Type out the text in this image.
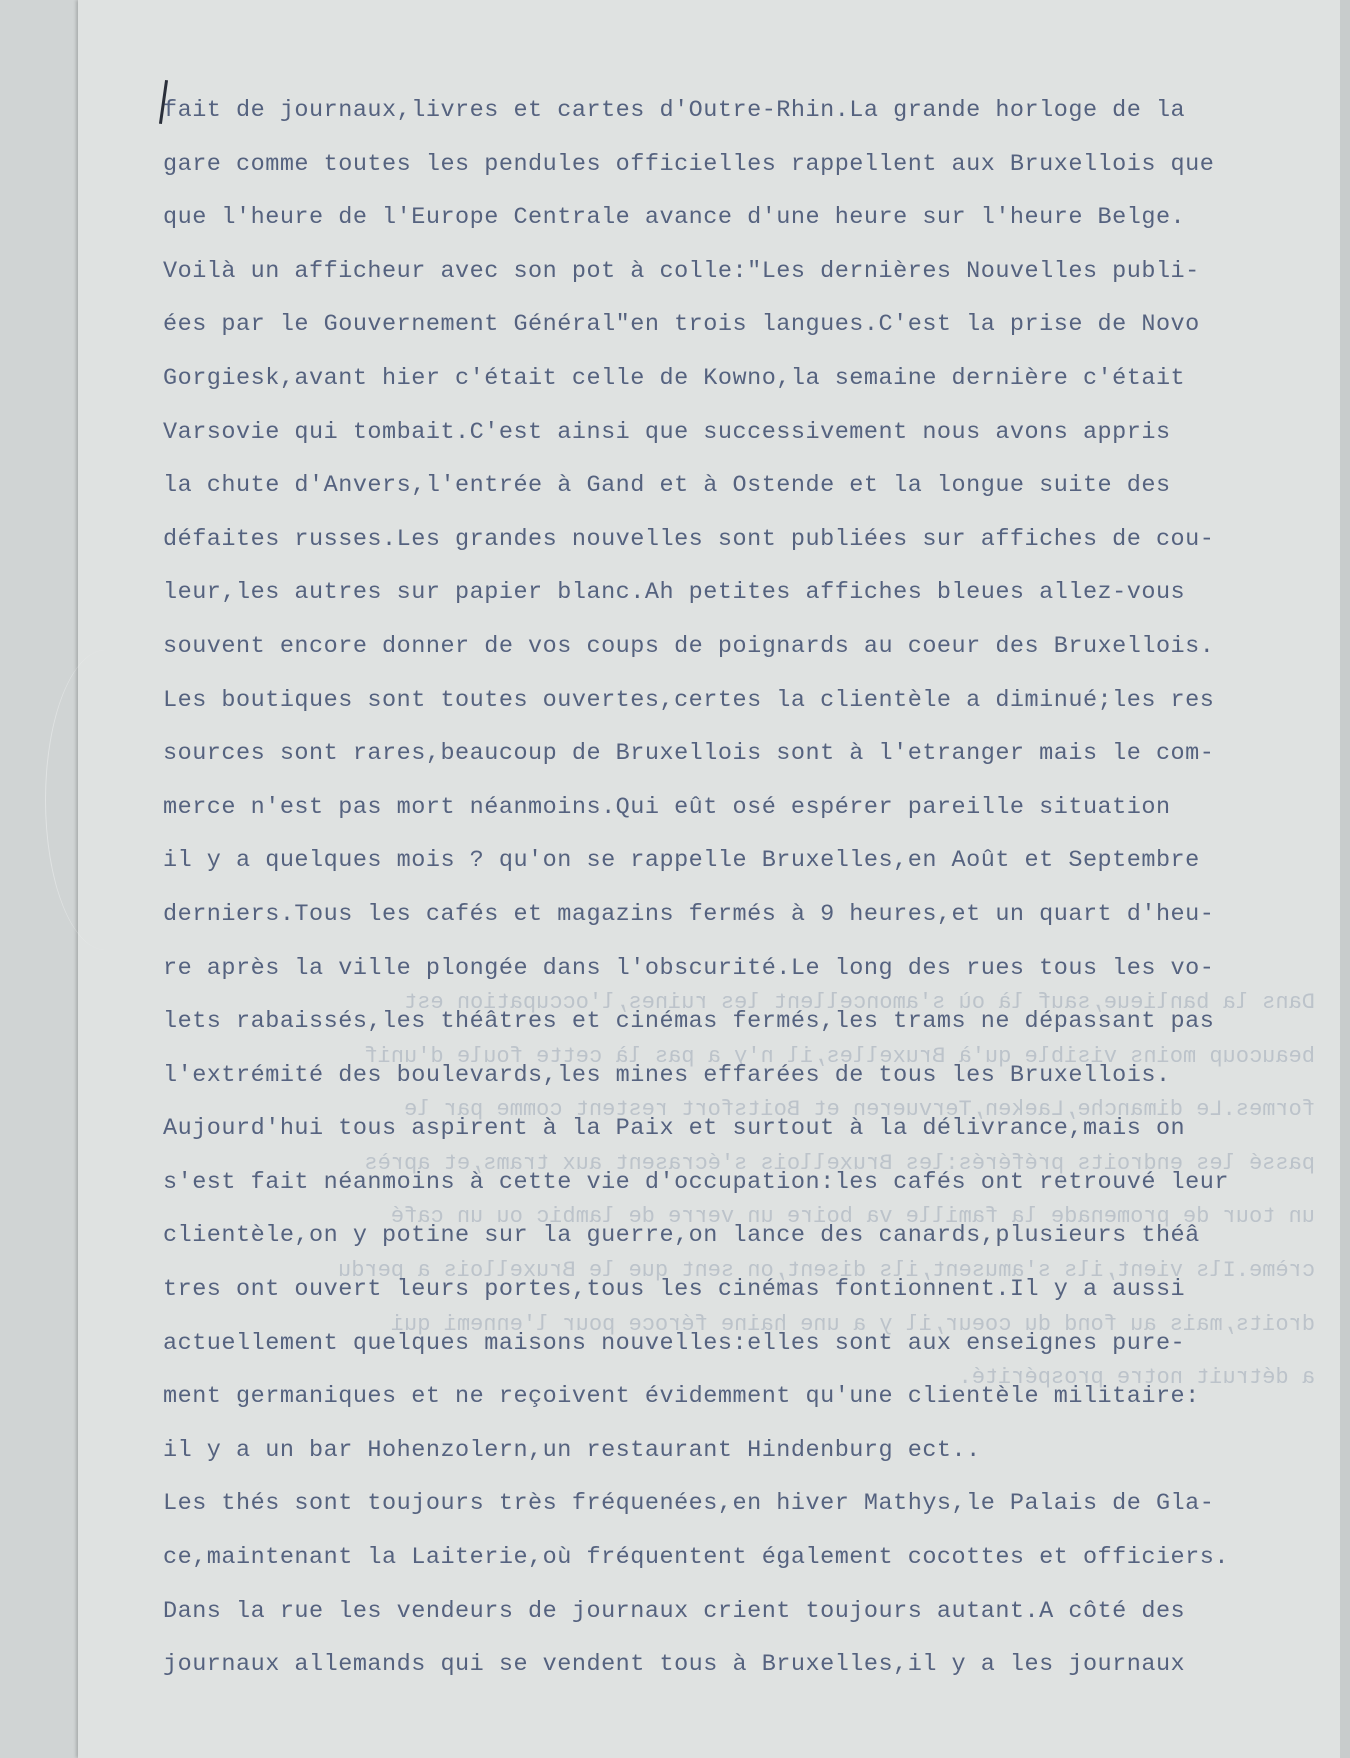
Dans la banlieue,sauf là où s'amoncellent les ruines,l'occupation est
beaucoup moins visible qu'à Bruxelles,il n'y a pas là cette foule d'unif
formes.Le dimanche,Laeken,Tervueren et Boitsfort restent comme par le
passé les endroits préférés:les Bruxellois s'écrasent aux trams,et après
un tour de promenade la famille va boire un verre de lambic ou un café
crème.Ils vient,ils s'amusent,ils disent,on sent que le Bruxellois a perdu
droits,mais au fond du coeur,il y a une haine féroce pour l'ennemi qui
a détruit notre prospérité.
fait de journaux,livres et cartes d'Outre-Rhin.La grande horloge de la
gare comme toutes les pendules officielles rappellent aux Bruxellois que
que l'heure de l'Europe Centrale avance d'une heure sur l'heure Belge.
Voilà un afficheur avec son pot à colle:"Les dernières Nouvelles publi-
ées par le Gouvernement Général"en trois langues.C'est la prise de Novo
Gorgiesk,avant hier c'était celle de Kowno,la semaine dernière c'était
Varsovie qui tombait.C'est ainsi que successivement nous avons appris
la chute d'Anvers,l'entrée à Gand et à Ostende et la longue suite des
défaites russes.Les grandes nouvelles sont publiées sur affiches de cou-
leur,les autres sur papier blanc.Ah petites affiches bleues allez-vous
souvent encore donner de vos coups de poignards au coeur des Bruxellois.
Les boutiques sont toutes ouvertes,certes la clientèle a diminué;les res
sources sont rares,beaucoup de Bruxellois sont à l'etranger mais le com-
merce n'est pas mort néanmoins.Qui eût osé espérer pareille situation
il y a quelques mois ? qu'on se rappelle Bruxelles,en Août et Septembre
derniers.Tous les cafés et magazins fermés à 9 heures,et un quart d'heu-
re après la ville plongée dans l'obscurité.Le long des rues tous les vo-
lets rabaissés,les théâtres et cinémas fermés,les trams ne dépassant pas
l'extrémité des boulevards,les mines effarées de tous les Bruxellois.
Aujourd'hui tous aspirent à la Paix et surtout à la délivrance,mais on
s'est fait néanmoins à cette vie d'occupation:les cafés ont retrouvé leur
clientèle,on y potine sur la guerre,on lance des canards,plusieurs théâ
tres ont ouvert leurs portes,tous les cinémas fontionnent.Il y a aussi
actuellement quelques maisons nouvelles:elles sont aux enseignes pure-
ment germaniques et ne reçoivent évidemment qu'une clientèle militaire:
il y a un bar Hohenzolern,un restaurant Hindenburg ect..
Les thés sont toujours très fréquenées,en hiver Mathys,le Palais de Gla-
ce,maintenant la Laiterie,où fréquentent également cocottes et officiers.
Dans la rue les vendeurs de journaux crient toujours autant.A côté des
journaux allemands qui se vendent tous à Bruxelles,il y a les journaux
